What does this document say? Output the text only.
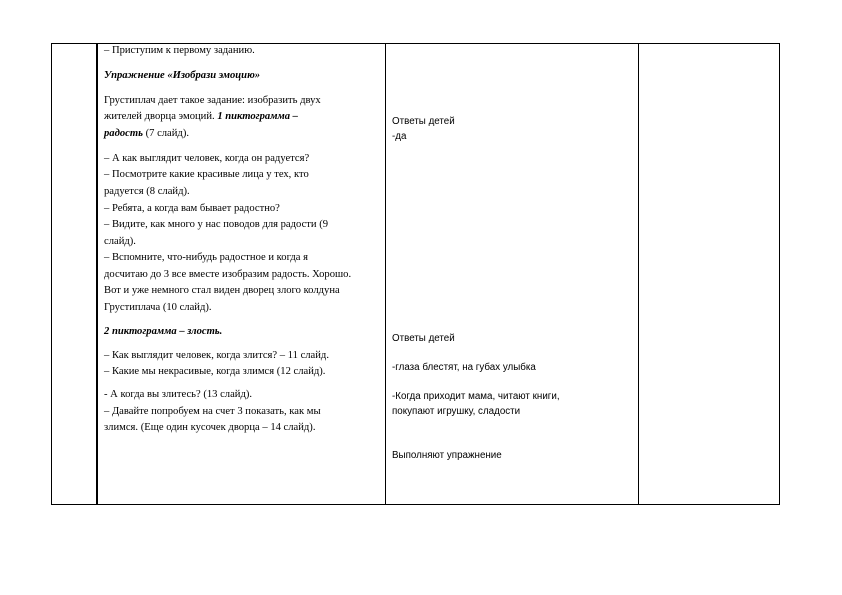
– Приступим к первому заданию.
Упражнение «Изобрази эмоцию»
Грустиплач дает такое задание: изобразить двух
жителей дворца эмоций. 1 пиктограмма –
радость (7 слайд).
– А как выглядит человек, когда он радуется?
– Посмотрите какие красивые лица у тех, кто
радуется (8 слайд).
– Ребята, а когда вам бывает радостно?
– Видите, как много у нас поводов для радости (9
слайд).
– Вспомните, что-нибудь радостное и когда я
досчитаю до 3 все вместе изобразим радость. Хорошо.
Вот и уже немного стал виден дворец злого колдуна
Грустиплача (10 слайд).
2 пиктограмма – злость.
– Как выглядит человек, когда злится? – 11 слайд.
– Какие мы некрасивые, когда злимся (12 слайд).
- А когда вы злитесь? (13 слайд).
– Давайте попробуем на счет 3 показать, как мы
злимся. (Еще один кусочек дворца – 14 слайд).
Ответы детей
-да
Ответы детей
-глаза блестят, на губах улыбка
-Когда приходит мама, читают книги,
покупают игрушку, сладости
Выполняют упражнение
